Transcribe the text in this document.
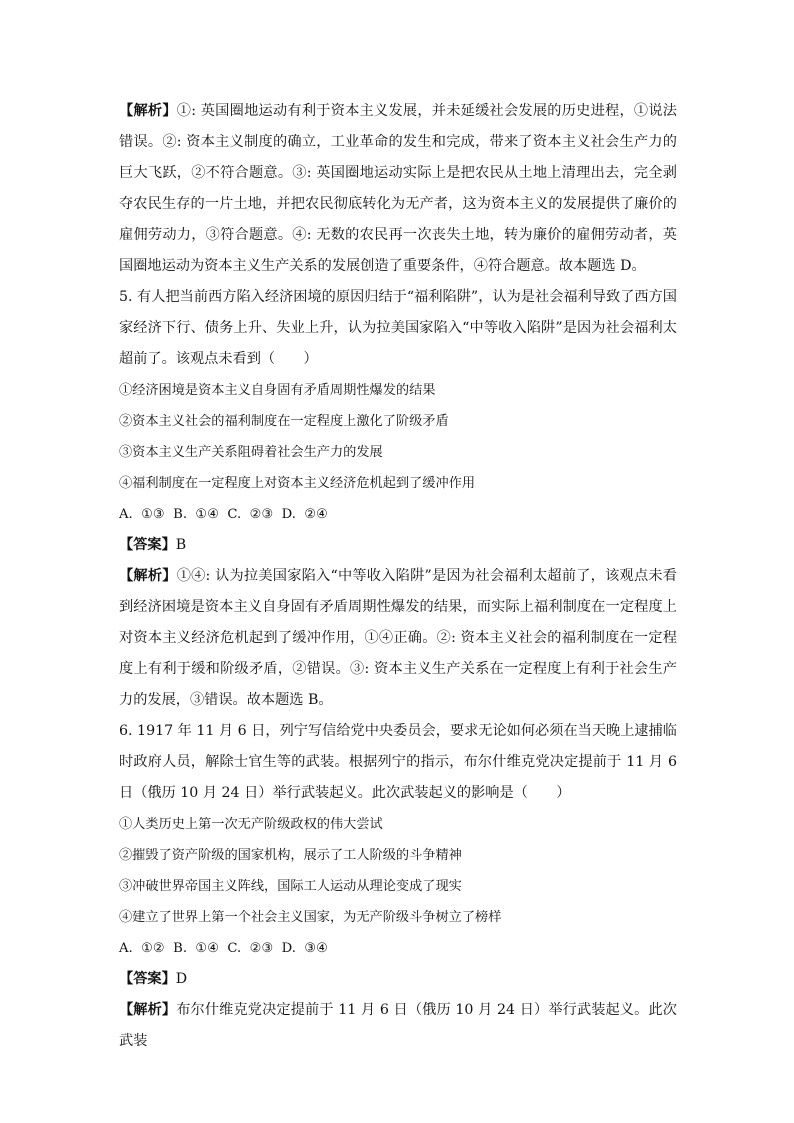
【解析】①: 英国圈地运动有利于资本主义发展，并未延缓社会发展的历史进程，①说法错误。②: 资本主义制度的确立，工业革命的发生和完成，带来了资本主义社会生产力的巨大飞跃，②不符合题意。③: 英国圈地运动实际上是把农民从土地上清理出去，完全剥夺农民生存的一片土地，并把农民彻底转化为无产者，这为资本主义的发展提供了廉价的雇佣劳动力，③符合题意。④: 无数的农民再一次丧失土地，转为廉价的雇佣劳动者，英国圈地运动为资本主义生产关系的发展创造了重要条件，④符合题意。故本题选 D。

5. 有人把当前西方陷入经济困境的原因归结于“福利陷阱”，认为是社会福利导致了西方国家经济下行、债务上升、失业上升，认为拉美国家陷入“中等收入陷阱”是因为社会福利太超前了。该观点未看到（　　）

①经济困境是资本主义自身固有矛盾周期性爆发的结果

②资本主义社会的福利制度在一定程度上激化了阶级矛盾

③资本主义生产关系阻碍着社会生产力的发展

④福利制度在一定程度上对资本主义经济危机起到了缓冲作用

A.  ①③  B.  ①④  C.  ②③  D.  ②④

【答案】B

【解析】①④: 认为拉美国家陷入“中等收入陷阱”是因为社会福利太超前了，该观点未看到经济困境是资本主义自身固有矛盾周期性爆发的结果，而实际上福利制度在一定程度上对资本主义经济危机起到了缓冲作用，①④正确。②: 资本主义社会的福利制度在一定程度上有利于缓和阶级矛盾，②错误。③: 资本主义生产关系在一定程度上有利于社会生产力的发展，③错误。故本题选 B。

6. 1917 年 11 月 6 日，列宁写信给党中央委员会，要求无论如何必须在当天晚上逮捕临时政府人员，解除士官生等的武装。根据列宁的指示，布尔什维克党决定提前于 11 月 6 日（俄历 10 月 24 日）举行武装起义。此次武装起义的影响是（　　）

①人类历史上第一次无产阶级政权的伟大尝试

②摧毁了资产阶级的国家机构，展示了工人阶级的斗争精神

③冲破世界帝国主义阵线，国际工人运动从理论变成了现实

④建立了世界上第一个社会主义国家，为无产阶级斗争树立了榜样

A.  ①②  B.  ①④  C.  ②③  D.  ③④

【答案】D

【解析】布尔什维克党决定提前于 11 月 6 日（俄历 10 月 24 日）举行武装起义。此次武装
